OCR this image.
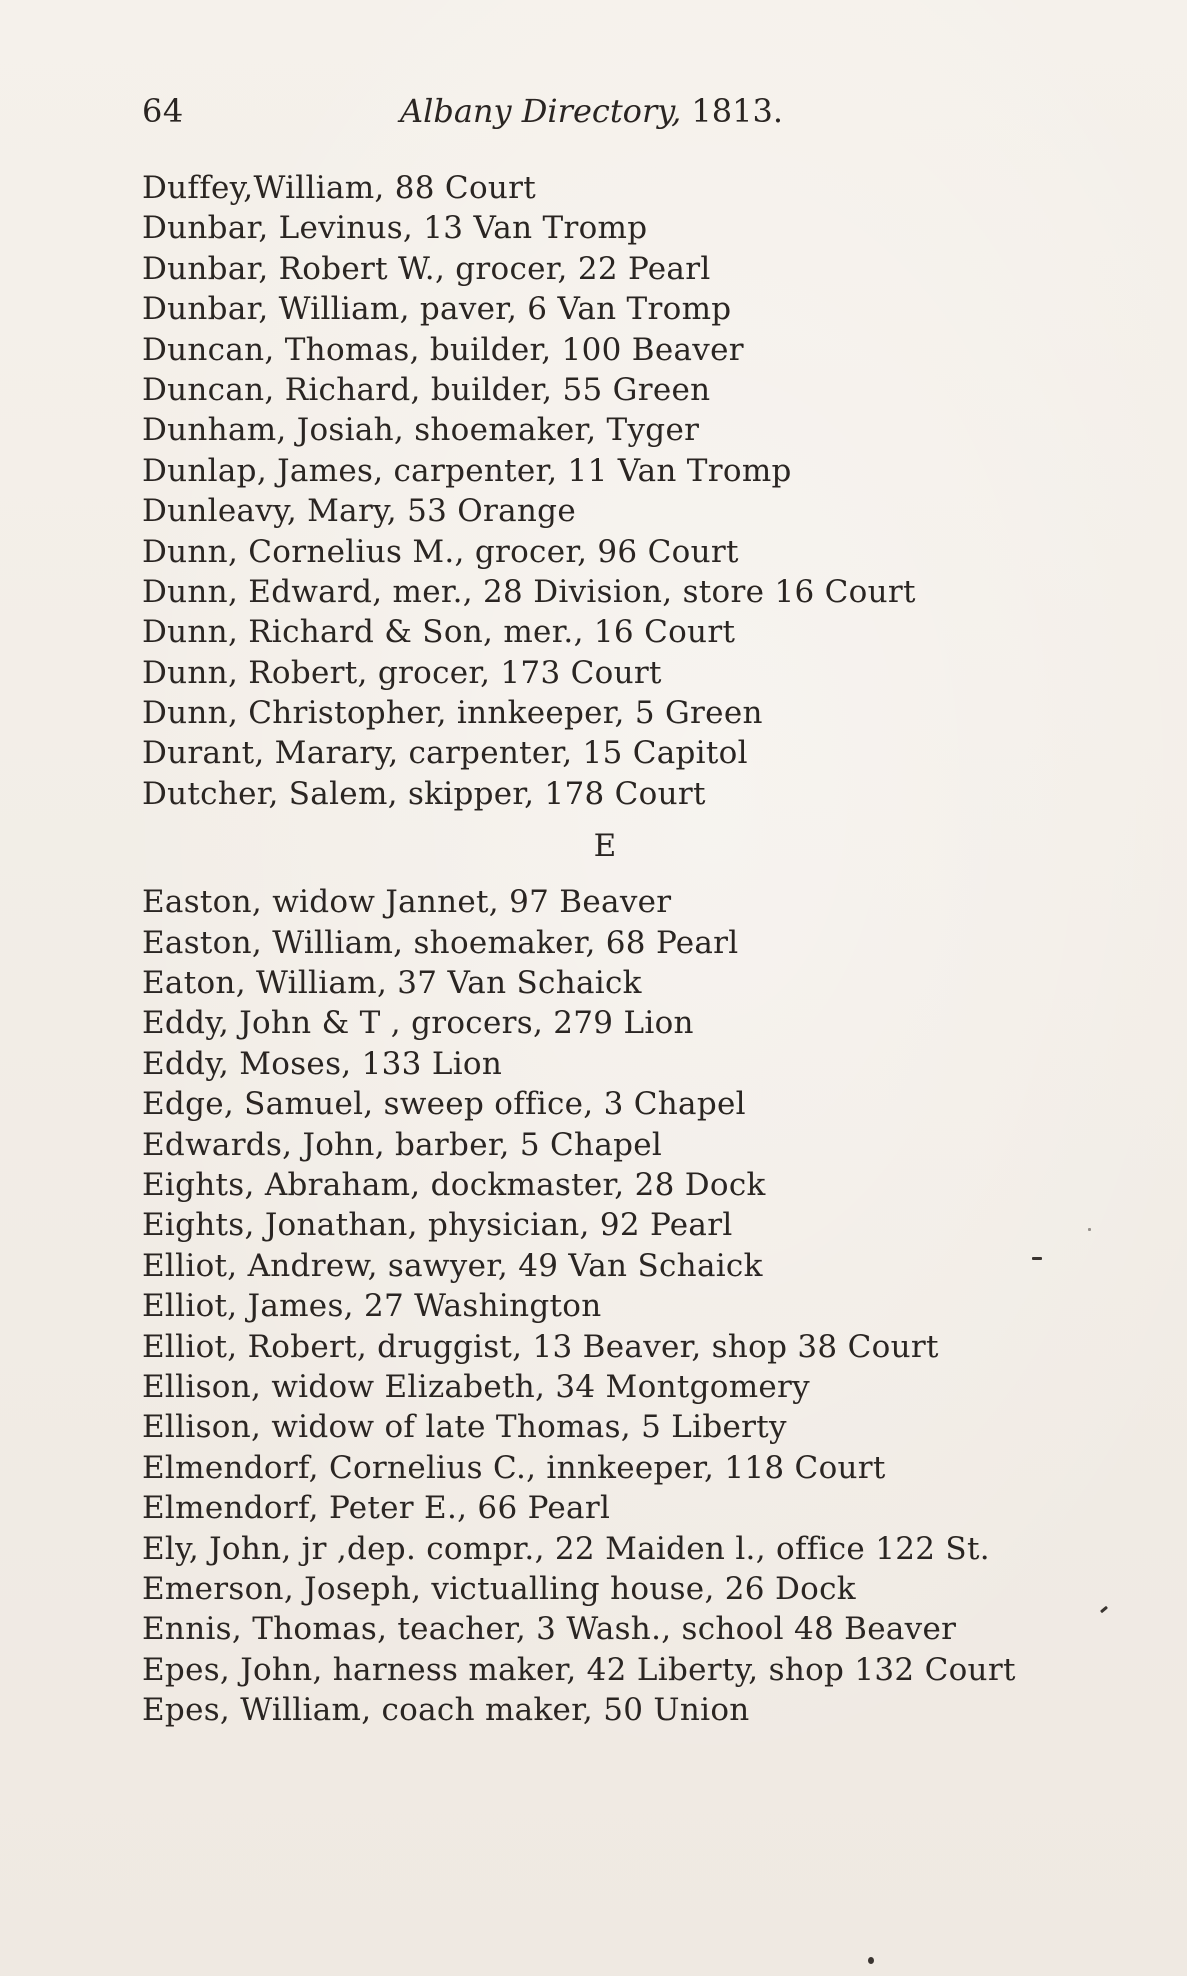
64	Albany Directory, 1813.
Duffey,William, 88 Court
Dunbar, Levinus, 13 Van Tromp
Dunbar, Robert W., grocer, 22 Pearl
Dunbar, William, paver, 6 Van Tromp
Duncan, Thomas, builder, 100 Beaver
Duncan, Richard, builder, 55 Green
Dunham, Josiah, shoemaker, Tyger
Dunlap, James, carpenter, 11 Van Tromp
Dunleavy, Mary, 53 Orange
Dunn, Cornelius M., grocer, 96 Court
Dunn, Edward, mer., 28 Division, store 16 Court
Dunn, Richard & Son, mer., 16 Court
Dunn, Robert, grocer, 173 Court
Dunn, Christopher, innkeeper, 5 Green
Durant, Marary, carpenter, 15 Capitol
Dutcher, Salem, skipper, 178 Court
E
Easton, widow Jannet, 97 Beaver
Easton, William, shoemaker, 68 Pearl
Eaton, William, 37 Van Schaick
Eddy, John & T , grocers, 279 Lion
Eddy, Moses, 133 Lion
Edge, Samuel, sweep office, 3 Chapel
Edwards, John, barber, 5 Chapel
Eights, Abraham, dockmaster, 28 Dock
Eights, Jonathan, physician, 92 Pearl
Elliot, Andrew, sawyer, 49 Van Schaick
Elliot, James, 27 Washington
Elliot, Robert, druggist, 13 Beaver, shop 38 Court
Ellison, widow Elizabeth, 34 Montgomery
Ellison, widow of late Thomas, 5 Liberty
Elmendorf, Cornelius C., innkeeper, 118 Court
Elmendorf, Peter E., 66 Pearl
Ely, John, jr ,dep. compr., 22 Maiden l., office 122 St.
Emerson, Joseph, victualling house, 26 Dock
Ennis, Thomas, teacher, 3 Wash., school 48 Beaver
Epes, John, harness maker, 42 Liberty, shop 132 Court
Epes, William, coach maker, 50 Union
